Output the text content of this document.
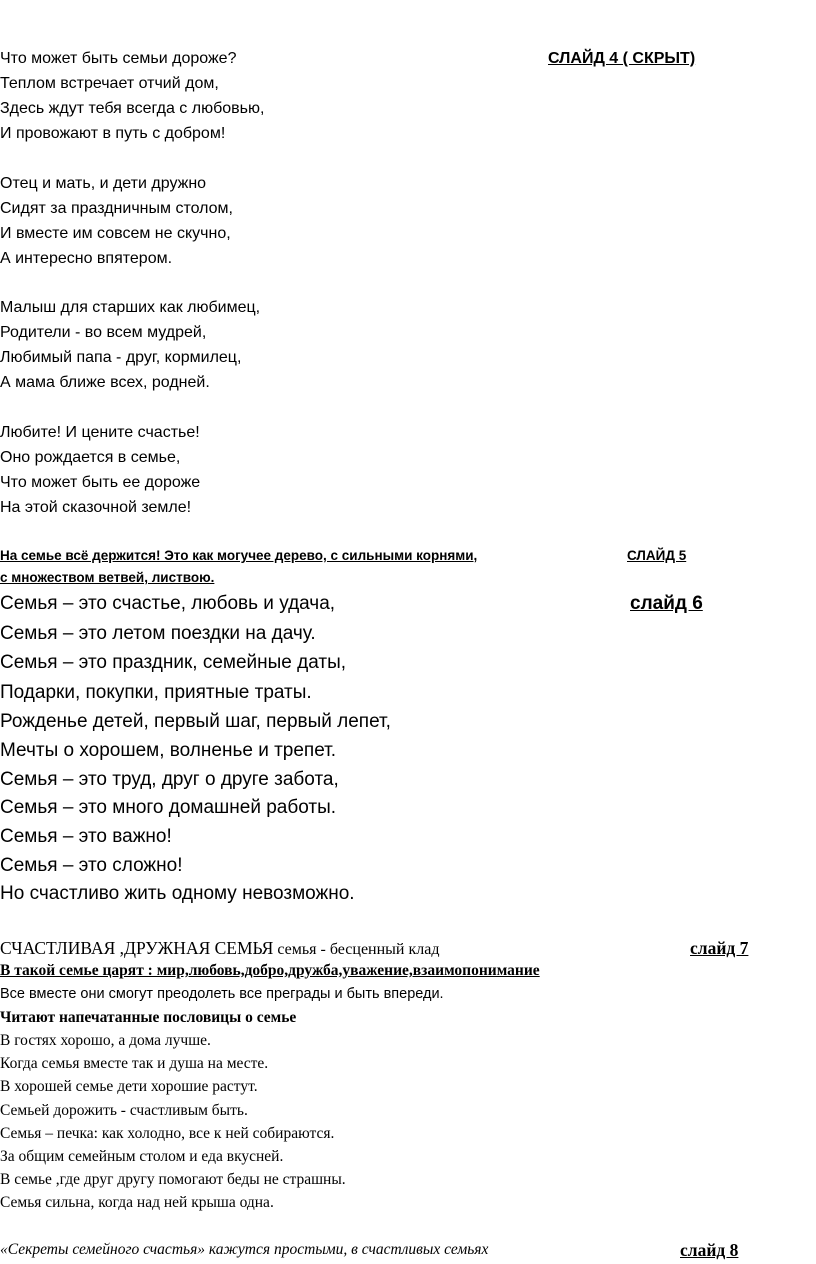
Что может быть семьи дороже?	СЛАЙД 4 ( СКРЫТ)
Теплом встречает отчий дом,
Здесь ждут тебя всегда с любовью,
И провожают в путь с добром!
Отец и мать, и дети дружно
Сидят за праздничным столом,
И вместе им совсем не скучно,
А интересно впятером.
Малыш для старших как любимец,
Родители - во всем мудрей,
Любимый папа - друг, кормилец,
А мама ближе всех, родней.
Любите! И цените счастье!
Оно рождается в семье,
Что может быть ее дороже
На этой сказочной земле!
На семье всё держится! Это как могучее дерево, с сильными корнями,	СЛАЙД 5
с множеством ветвей, листвою.
Семья – это счастье, любовь и удача,	слайд 6
Семья – это летом поездки на дачу.
Семья – это праздник, семейные даты,
Подарки, покупки, приятные траты.
Рожденье детей, первый шаг, первый лепет,
Мечты о хорошем, волненье и трепет.
Семья – это труд, друг о друге забота,
Семья – это много домашней работы.
Семья – это важно!
Семья – это сложно!
Но счастливо жить одному невозможно.
СЧАСТЛИВАЯ ,ДРУЖНАЯ СЕМЬЯ семья - бесценный клад	слайд 7
В такой семье царят : мир,любовь,добро,дружба,уважение,взаимопонимание
Все вместе они смогут преодолеть все преграды и быть впереди.
Читают напечатанные пословицы о семье
В гостях хорошо, а дома лучше.
Когда семья вместе так и душа на месте.
В хорошей семье дети хорошие растут.
Семьей дорожить - счастливым быть.
Семья – печка: как холодно, все к ней собираются.
За общим семейным столом и еда вкусней.
В семье ,где друг другу помогают беды не страшны.
Семья сильна, когда над ней крыша одна.
«Секреты семейного счастья» кажутся простыми, в счастливых семьях	слайд 8
